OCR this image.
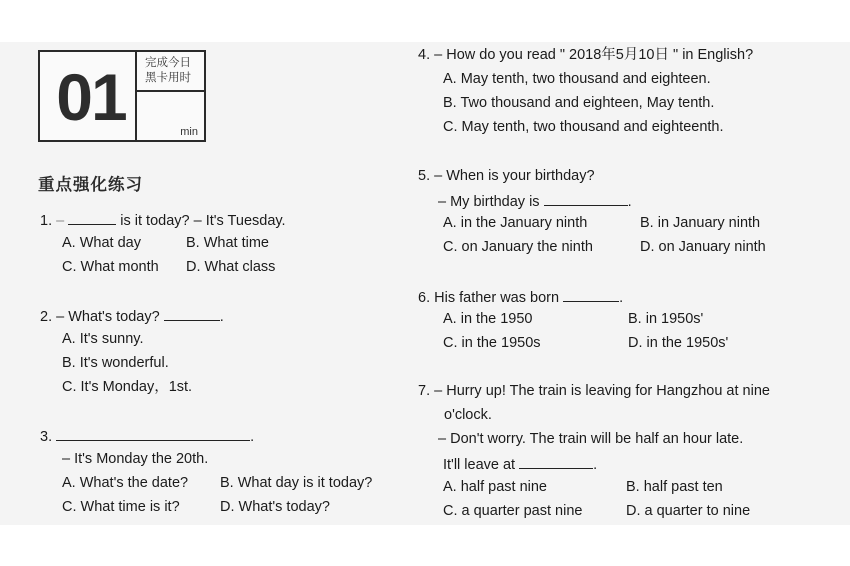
01	完成今日
黑卡用时
min
重点强化练习
1. –	is it today? – It's Tuesday.
A. What day	B. What time
C. What month D. What class
2. – What's today?	.
A. It's sunny.
B. It's wonderful.
C. It's Monday，1st.
3.	.
– It's Monday the 20th.
A. What's the date? B. What day is it today?
C. What time is it?	D. What's today?
4. – How do you read " 2018年5月10日 " in English?
A. May tenth, two thousand and eighteen.
B. Two thousand and eighteen, May tenth.
C. May tenth, two thousand and eighteenth.
5. – When is your birthday?
– My birthday is	.
A. in the January ninth	B. in January ninth
C. on January the ninth	D. on January ninth
6. His father was born	.
A. in the 1950	B. in 1950s'
C. in the 1950s	D. in the 1950s'
7. – Hurry up! The train is leaving for Hangzhou at nine
o'clock.
– Don't worry. The train will be half an hour late.
It'll leave at	.
A. half past nine	B. half past ten
C. a quarter past nine	D. a quarter to nine
